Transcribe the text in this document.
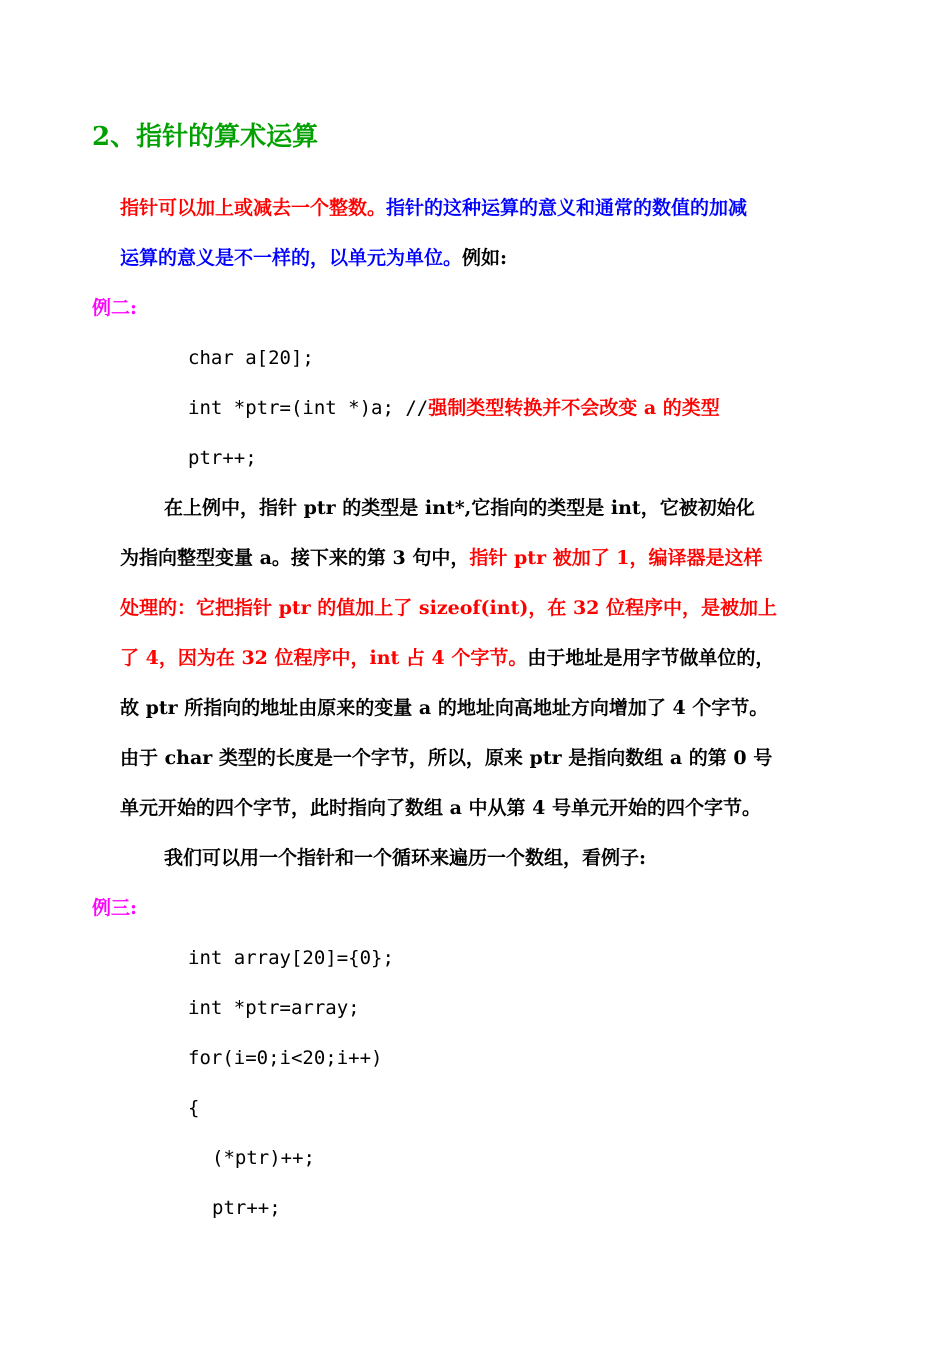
2、指针的算术运算
指针可以加上或减去一个整数。指针的这种运算的意义和通常的数值的加减
运算的意义是不一样的，以单元为单位。例如:
例二:
char a[20];
int *ptr=(int *)a; //强制类型转换并不会改变 a 的类型
ptr++;
在上例中，指针 ptr 的类型是 int*,它指向的类型是 int，它被初始化
为指向整型变量 a。接下来的第 3 句中，指针 ptr 被加了 1，编译器是这样
处理的：它把指针 ptr 的值加上了 sizeof(int)，在 32 位程序中，是被加上
了 4，因为在 32 位程序中，int 占 4 个字节。由于地址是用字节做单位的，
故 ptr 所指向的地址由原来的变量 a 的地址向高地址方向增加了 4 个字节。
由于 char 类型的长度是一个字节，所以，原来 ptr 是指向数组 a 的第 0 号
单元开始的四个字节，此时指向了数组 a 中从第 4 号单元开始的四个字节。
我们可以用一个指针和一个循环来遍历一个数组，看例子:
例三:
int array[20]={0};
int *ptr=array;
for(i=0;i<20;i++)
{
(*ptr)++;
ptr++;
